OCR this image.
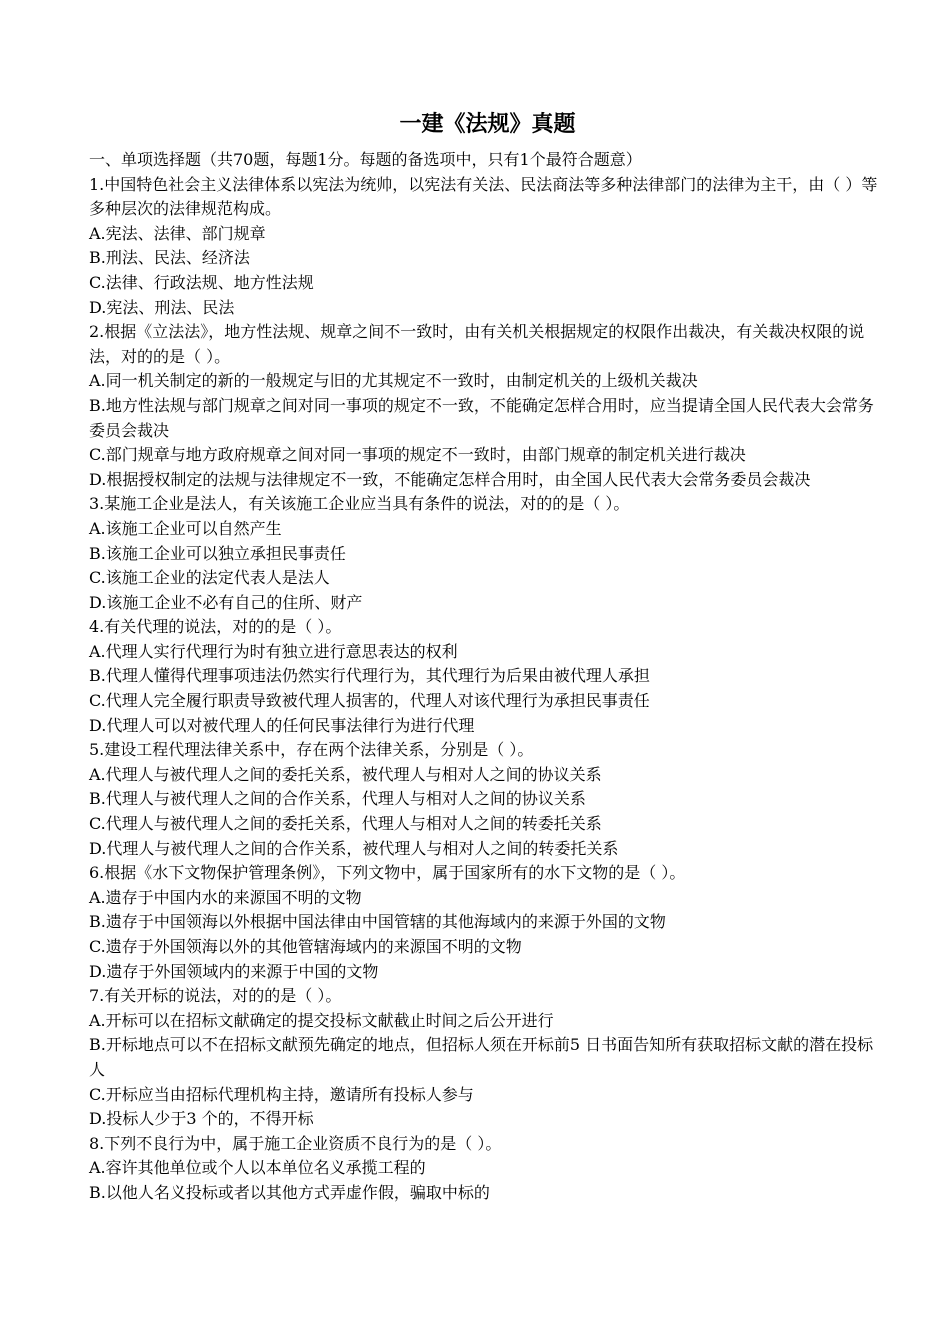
一建《法规》真题

一、单项选择题（共70题，每题1分。每题的备选项中，只有1个最符合题意）

1.中国特色社会主义法律体系以宪法为统帅，以宪法有关法、民法商法等多种法律部门的法律为主干，由（ ）等多种层次的法律规范构成。

A.宪法、法律、部门规章

B.刑法、民法、经济法

C.法律、行政法规、地方性法规

D.宪法、刑法、民法

2.根据《立法法》，地方性法规、规章之间不一致时，由有关机关根据规定的权限作出裁决，有关裁决权限的说法，对的的是（ ）。

A.同一机关制定的新的一般规定与旧的尤其规定不一致时，由制定机关的上级机关裁决

B.地方性法规与部门规章之间对同一事项的规定不一致，不能确定怎样合用时，应当提请全国人民代表大会常务委员会裁决

C.部门规章与地方政府规章之间对同一事项的规定不一致时，由部门规章的制定机关进行裁决

D.根据授权制定的法规与法律规定不一致，不能确定怎样合用时，由全国人民代表大会常务委员会裁决

3.某施工企业是法人，有关该施工企业应当具有条件的说法，对的的是（ ）。

A.该施工企业可以自然产生

B.该施工企业可以独立承担民事责任

C.该施工企业的法定代表人是法人

D.该施工企业不必有自己的住所、财产

4.有关代理的说法，对的的是（ ）。

A.代理人实行代理行为时有独立进行意思表达的权利

B.代理人懂得代理事项违法仍然实行代理行为，其代理行为后果由被代理人承担

C.代理人完全履行职责导致被代理人损害的，代理人对该代理行为承担民事责任

D.代理人可以对被代理人的任何民事法律行为进行代理

5.建设工程代理法律关系中，存在两个法律关系，分别是（ ）。

A.代理人与被代理人之间的委托关系，被代理人与相对人之间的协议关系

B.代理人与被代理人之间的合作关系，代理人与相对人之间的协议关系

C.代理人与被代理人之间的委托关系，代理人与相对人之间的转委托关系

D.代理人与被代理人之间的合作关系，被代理人与相对人之间的转委托关系

6.根据《水下文物保护管理条例》，下列文物中，属于国家所有的水下文物的是（ ）。

A.遗存于中国内水的来源国不明的文物

B.遗存于中国领海以外根据中国法律由中国管辖的其他海域内的来源于外国的文物

C.遗存于外国领海以外的其他管辖海域内的来源国不明的文物

D.遗存于外国领域内的来源于中国的文物

7.有关开标的说法，对的的是（ ）。

A.开标可以在招标文献确定的提交投标文献截止时间之后公开进行

B.开标地点可以不在招标文献预先确定的地点，但招标人须在开标前5 日书面告知所有获取招标文献的潜在投标人

C.开标应当由招标代理机构主持，邀请所有投标人参与

D.投标人少于3 个的，不得开标

8.下列不良行为中，属于施工企业资质不良行为的是（ ）。

A.容许其他单位或个人以本单位名义承揽工程的

B.以他人名义投标或者以其他方式弄虚作假，骗取中标的
